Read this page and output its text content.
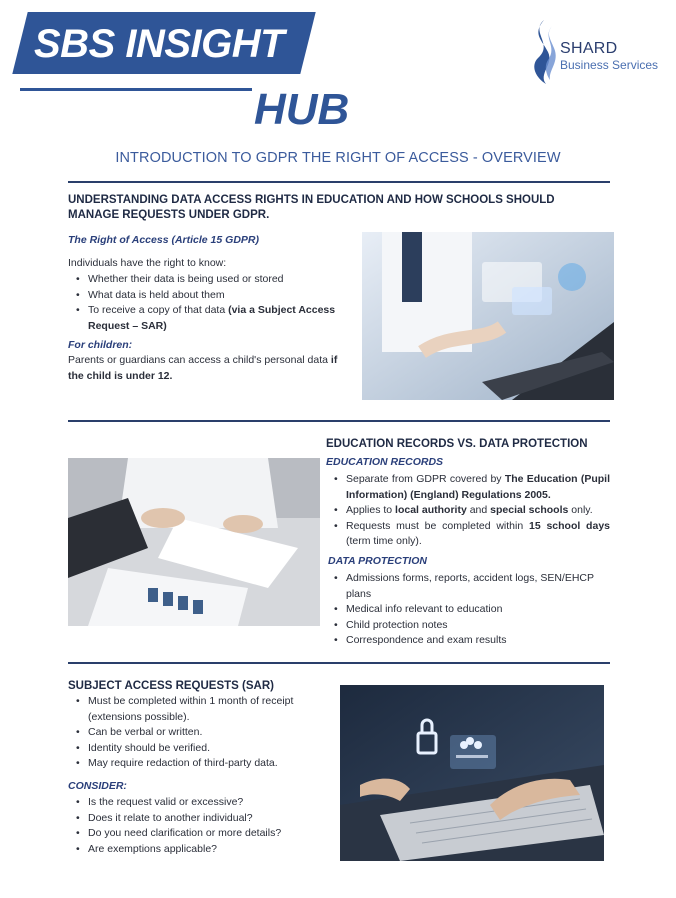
SBS INSIGHT
HUB
SHARD
Business Services
INTRODUCTION TO GDPR THE RIGHT OF ACCESS - OVERVIEW
UNDERSTANDING DATA ACCESS RIGHTS IN EDUCATION AND HOW SCHOOLS SHOULD MANAGE REQUESTS UNDER GDPR.
The Right of Access (Article 15 GDPR)
Individuals have the right to know:
• Whether their data is being used or stored
• What data is held about them
• To receive a copy of that data (via a Subject Access Request – SAR)
For children:
Parents or guardians can access a child's personal data if the child is under 12.
EDUCATION RECORDS VS. DATA PROTECTION
EDUCATION RECORDS
• Separate from GDPR covered by The Education (Pupil Information) (England) Regulations 2005.
• Applies to local authority and special schools only.
• Requests must be completed within 15 school days (term time only).
DATA PROTECTION
• Admissions forms, reports, accident logs, SEN/EHCP plans
• Medical info relevant to education
• Child protection notes
• Correspondence and exam results
SUBJECT ACCESS REQUESTS (SAR)
• Must be completed within 1 month of receipt (extensions possible).
• Can be verbal or written.
• Identity should be verified.
• May require redaction of third-party data.
CONSIDER:
• Is the request valid or excessive?
• Does it relate to another individual?
• Do you need clarification or more details?
• Are exemptions applicable?
